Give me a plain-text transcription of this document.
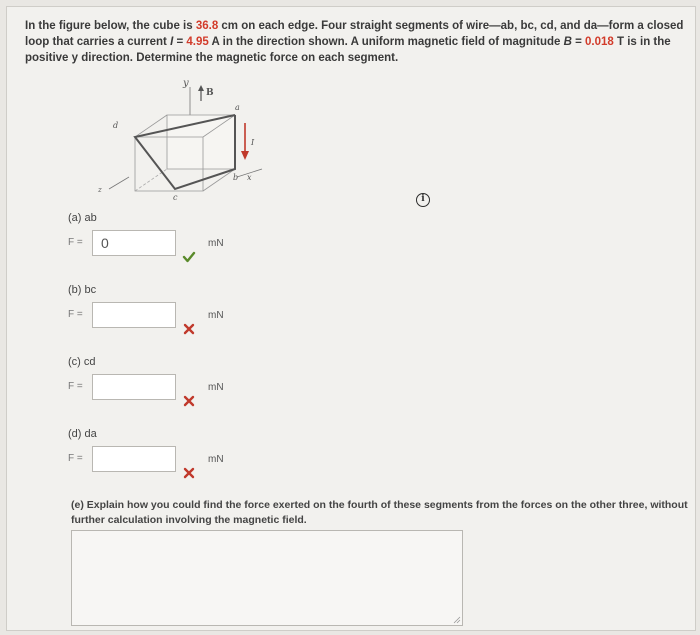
In the figure below, the cube is 36.8 cm on each edge. Four straight segments of wire—ab, bc, cd, and da—form a closed loop that carries a current I = 4.95 A in the direction shown. A uniform magnetic field of magnitude B = 0.018 T is in the positive y direction. Determine the magnetic force on each segment.
y
B
a
d
b
c
I
x
z
i
(a) ab
F =	0	mN
(b) bc
F =	mN
(c) cd
F =	mN
(d) da
F =	mN
(e) Explain how you could find the force exerted on the fourth of these segments from the forces on the other three, without further calculation involving the magnetic field.
